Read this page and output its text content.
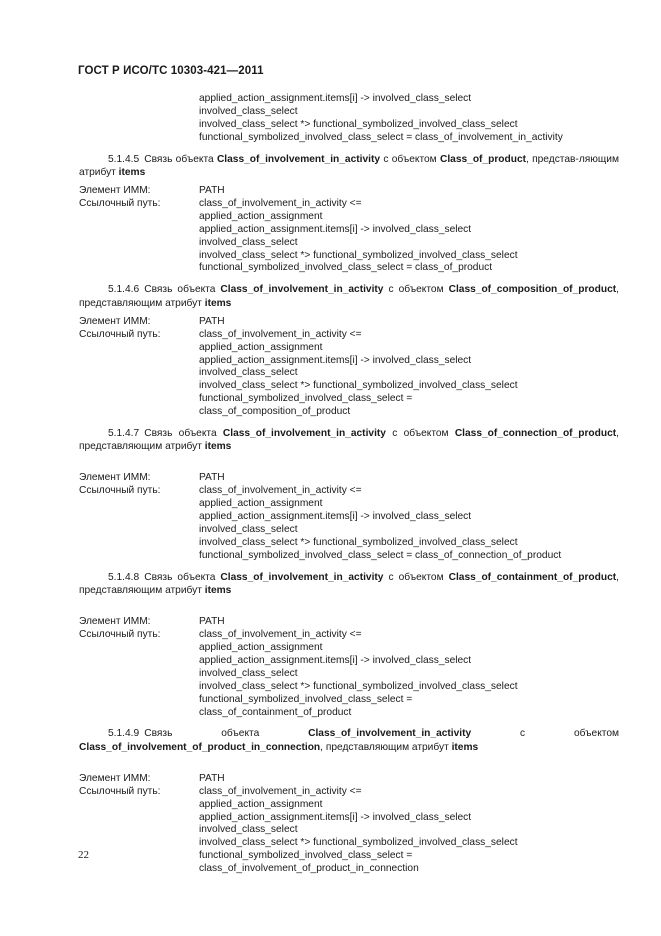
ГОСТ Р ИСО/ТС 10303-421—2011
applied_action_assignment.items[i] -> involved_class_select
involved_class_select
involved_class_select *> functional_symbolized_involved_class_select
functional_symbolized_involved_class_select = class_of_involvement_in_activity
5.1.4.5  Связь объекта Class_of_involvement_in_activity с объектом Class_of_product, представ-ляющим атрибут items
Элемент ИММ:	PATH
Ссылочный путь:	class_of_involvement_in_activity <=
applied_action_assignment
applied_action_assignment.items[i] -> involved_class_select
involved_class_select
involved_class_select *> functional_symbolized_involved_class_select
functional_symbolized_involved_class_select = class_of_product
5.1.4.6  Связь объекта Class_of_involvement_in_activity с объектом Class_of_composition_of_product, представляющим атрибут items
Элемент ИММ:	PATH
Ссылочный путь:	class_of_involvement_in_activity <=
applied_action_assignment
applied_action_assignment.items[i] -> involved_class_select
involved_class_select
involved_class_select *> functional_symbolized_involved_class_select
functional_symbolized_involved_class_select =
class_of_composition_of_product
5.1.4.7  Связь объекта Class_of_involvement_in_activity с объектом Class_of_connection_of_product, представляющим атрибут items
Элемент ИММ:	PATH
Ссылочный путь:	class_of_involvement_in_activity <=
applied_action_assignment
applied_action_assignment.items[i] -> involved_class_select
involved_class_select
involved_class_select *> functional_symbolized_involved_class_select
functional_symbolized_involved_class_select = class_of_connection_of_product
5.1.4.8  Связь объекта Class_of_involvement_in_activity с объектом Class_of_containment_of_product, представляющим атрибут items
Элемент ИММ:	PATH
Ссылочный путь:	class_of_involvement_in_activity <=
applied_action_assignment
applied_action_assignment.items[i] -> involved_class_select
involved_class_select
involved_class_select *> functional_symbolized_involved_class_select
functional_symbolized_involved_class_select =
class_of_containment_of_product
5.1.4.9  Связь объекта Class_of_involvement_in_activity с объектом Class_of_involvement_of_product_in_connection, представляющим атрибут items
Элемент ИММ:	PATH
Ссылочный путь:	class_of_involvement_in_activity <=
applied_action_assignment
applied_action_assignment.items[i] -> involved_class_select
involved_class_select
involved_class_select *> functional_symbolized_involved_class_select
functional_symbolized_involved_class_select =
class_of_involvement_of_product_in_connection
22
